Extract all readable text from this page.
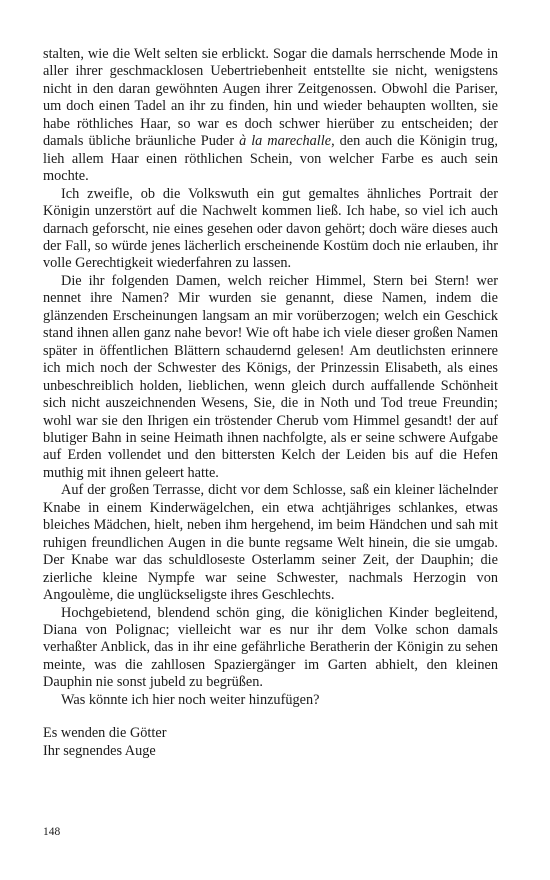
stalten, wie die Welt selten sie erblickt. Sogar die damals herrschende Mode in aller ihrer geschmacklosen Uebertriebenheit entstellte sie nicht, wenigstens nicht in den daran gewöhnten Augen ihrer Zeitgenossen. Obwohl die Pariser, um doch einen Tadel an ihr zu finden, hin und wieder behaupten wollten, sie habe röthliches Haar, so war es doch schwer hierüber zu entscheiden; der damals übliche bräunliche Puder à la marechalle, den auch die Königin trug, lieh allem Haar einen röthlichen Schein, von welcher Farbe es auch sein mochte.

Ich zweifle, ob die Volkswuth ein gut gemaltes ähnliches Portrait der Königin unzerstört auf die Nachwelt kommen ließ. Ich habe, so viel ich auch darnach geforscht, nie eines gesehen oder davon gehört; doch wäre dieses auch der Fall, so würde jenes lächerlich erscheinende Kostüm doch nie erlauben, ihr volle Gerechtigkeit wiederfahren zu lassen.

Die ihr folgenden Damen, welch reicher Himmel, Stern bei Stern! wer nennet ihre Namen? Mir wurden sie genannt, diese Namen, indem die glänzenden Erscheinungen langsam an mir vorüberzogen; welch ein Geschick stand ihnen allen ganz nahe bevor! Wie oft habe ich viele dieser großen Namen später in öffentlichen Blättern schaudernd gelesen! Am deutlichsten erinnere ich mich noch der Schwester des Königs, der Prinzessin Elisabeth, als eines unbeschreiblich holden, lieblichen, wenn gleich durch auffallende Schönheit sich nicht auszeichnenden Wesens, Sie, die in Noth und Tod treue Freundin; wohl war sie den Ihrigen ein tröstender Cherub vom Himmel gesandt! der auf blutiger Bahn in seine Heimath ihnen nachfolgte, als er seine schwere Aufgabe auf Erden vollendet und den bittersten Kelch der Leiden bis auf die Hefen muthig mit ihnen geleert hatte.

Auf der großen Terrasse, dicht vor dem Schlosse, saß ein kleiner lächelnder Knabe in einem Kinderwägelchen, ein etwa achtjähriges schlankes, etwas bleiches Mädchen, hielt, neben ihm hergehend, im beim Händchen und sah mit ruhigen freundlichen Augen in die bunte regsame Welt hinein, die sie umgab. Der Knabe war das schuldloseste Osterlamm seiner Zeit, der Dauphin; die zierliche kleine Nympfe war seine Schwester, nachmals Herzogin von Angoulème, die unglückseligste ihres Geschlechts.

Hochgebietend, blendend schön ging, die königlichen Kinder begleitend, Diana von Polignac; vielleicht war es nur ihr dem Volke schon damals verhaßter Anblick, das in ihr eine gefährliche Beratherin der Königin zu sehen meinte, was die zahllosen Spaziergänger im Garten abhielt, den kleinen Dauphin nie sonst jubeld zu begrüßen.

Was könnte ich hier noch weiter hinzufügen?

Es wenden die Götter
Ihr segnendes Auge
148
